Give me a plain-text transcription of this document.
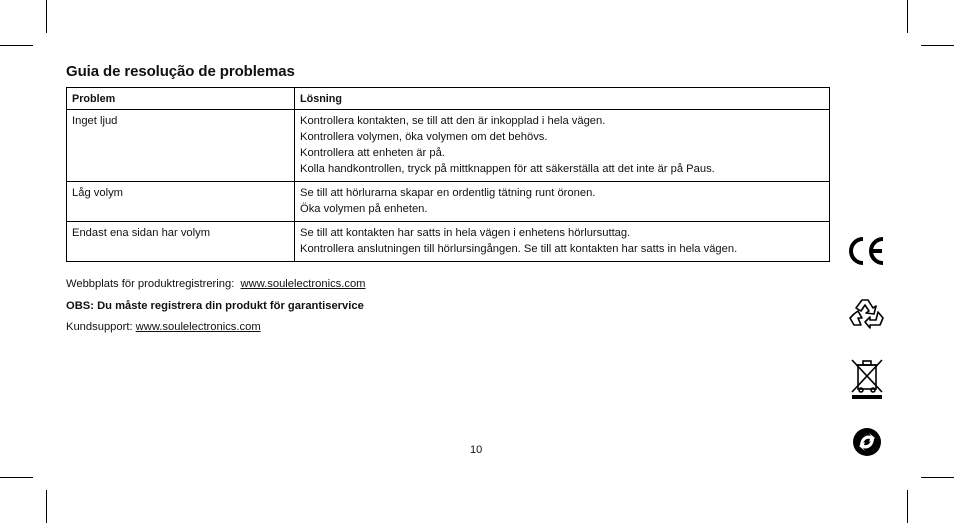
Guia de resolução de problemas
Problem	Lösning
Inget ljud	Kontrollera kontakten, se till att den är inkopplad i hela vägen.
Kontrollera volymen, öka volymen om det behövs.
Kontrollera att enheten är på.
Kolla handkontrollen, tryck på mittknappen för att säkerställa att det inte är på Paus.

Låg volym	Se till att hörlurarna skapar en ordentlig tätning runt öronen.
Öka volymen på enheten.

Endast ena sidan har volym	Se till att kontakten har satts in hela vägen i enhetens hörlursuttag.
Kontrollera anslutningen till hörlursingången. Se till att kontakten har satts in hela vägen.
Webbplats för produktregistrering: www.soulelectronics.com
OBS: Du måste registrera din produkt för garantiservice
Kundsupport: www.soulelectronics.com
10
